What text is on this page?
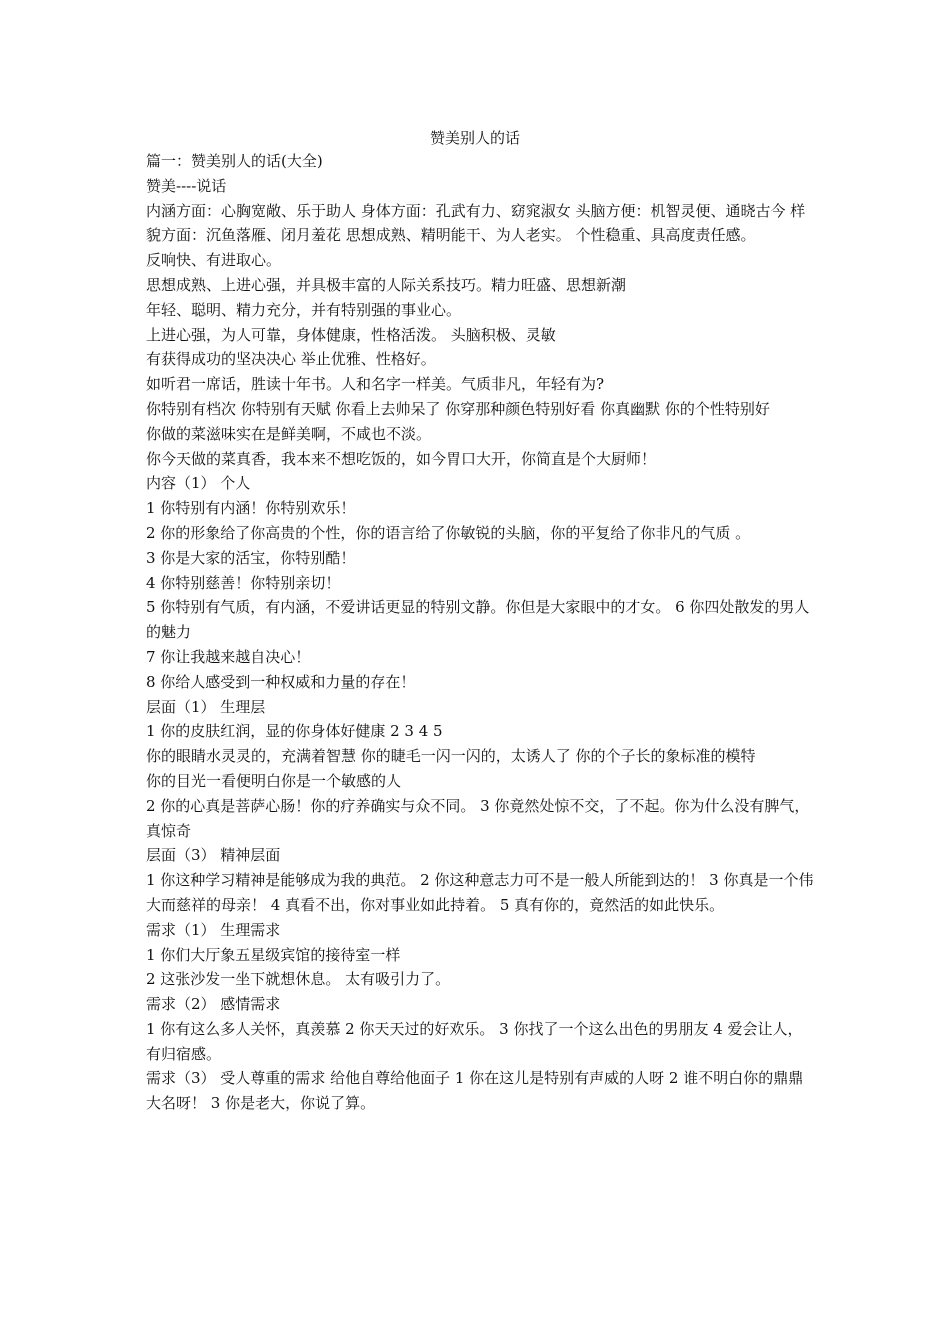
赞美别人的话

篇一：赞美别人的话(大全)

赞美----说话

内涵方面：心胸宽敞、乐于助人 身体方面：孔武有力、窈窕淑女 头脑方便：机智灵便、通晓古今 样貌方面：沉鱼落雁、闭月羞花 思想成熟、精明能干、为人老实。 个性稳重、具高度责任感。

反响快、有进取心。

思想成熟、上进心强，并具极丰富的人际关系技巧。精力旺盛、思想新潮

年轻、聪明、精力充分，并有特别强的事业心。

上进心强，为人可靠，身体健康，性格活泼。 头脑积极、灵敏

有获得成功的坚决决心 举止优雅、性格好。

如听君一席话，胜读十年书。人和名字一样美。气质非凡，年轻有为?

你特别有档次 你特别有天赋 你看上去帅呆了 你穿那种颜色特别好看 你真幽默 你的个性特别好

你做的菜滋味实在是鲜美啊，不咸也不淡。

你今天做的菜真香，我本来不想吃饭的，如今胃口大开，你简直是个大厨师！

内容（1） 个人

1 你特别有内涵！你特别欢乐！

2 你的形象给了你高贵的个性，你的语言给了你敏锐的头脑，你的平复给了你非凡的气质 。

3 你是大家的活宝，你特别酷！

4 你特别慈善！你特别亲切！

5 你特别有气质，有内涵，不爱讲话更显的特别文静。你但是大家眼中的才女。 6 你四处散发的男人的魅力

7 你让我越来越自决心！

8 你给人感受到一种权威和力量的存在！

层面（1） 生理层

1 你的皮肤红润，显的你身体好健康 2 3 4 5

你的眼睛水灵灵的，充满着智慧 你的睫毛一闪一闪的，太诱人了 你的个子长的象标准的模特

你的目光一看便明白你是一个敏感的人

2 你的心真是菩萨心肠！你的疗养确实与众不同。 3 你竟然处惊不交，了不起。你为什么没有脾气，真惊奇

层面（3） 精神层面

1 你这种学习精神是能够成为我的典范。 2 你这种意志力可不是一般人所能到达的！ 3 你真是一个伟大而慈祥的母亲！ 4 真看不出，你对事业如此持着。 5 真有你的，竟然活的如此快乐。

需求（1） 生理需求

1 你们大厅象五星级宾馆的接待室一样

2 这张沙发一坐下就想休息。 太有吸引力了。

需求（2） 感情需求

1 你有这么多人关怀，真羡慕 2 你天天过的好欢乐。 3 你找了一个这么出色的男朋友 4 爱会让人，有归宿感。

需求（3） 受人尊重的需求 给他自尊给他面子 1 你在这儿是特别有声威的人呀 2 谁不明白你的鼎鼎大名呀！ 3 你是老大，你说了算。
